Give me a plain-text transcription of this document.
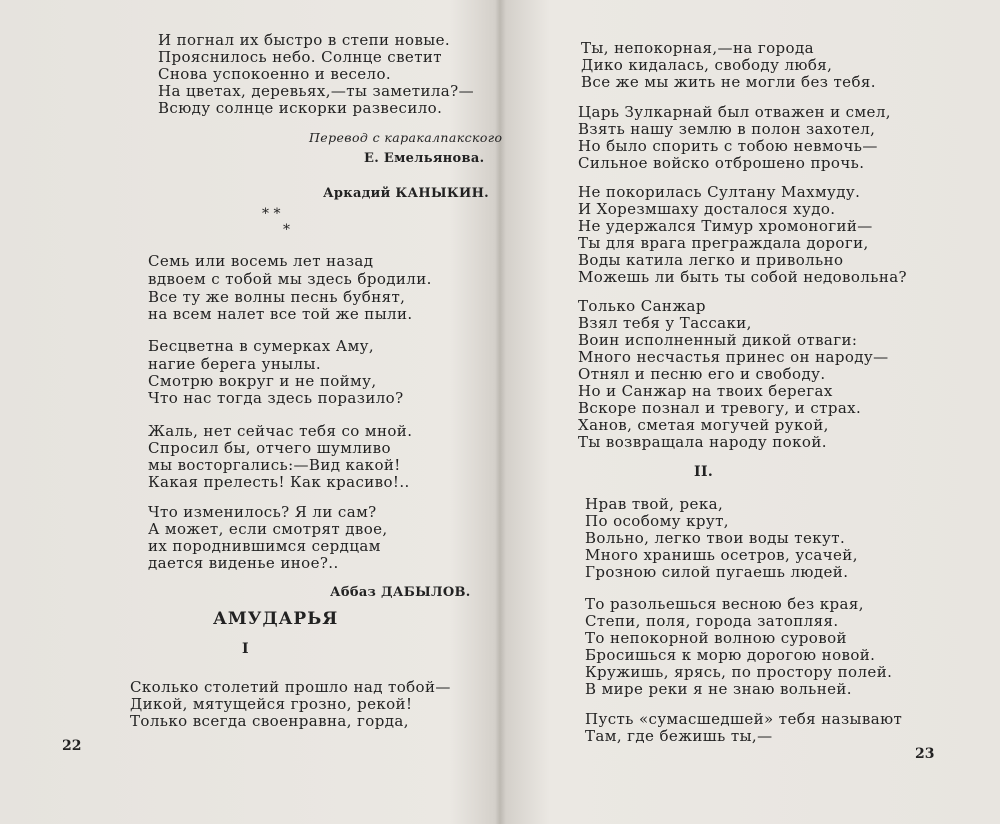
И погнал их быстро в степи новые.
Прояснилось небо. Солнце светит
Снова успокоенно и весело.
На цветах, деревьях,—ты заметила?—
Всюду солнце искорки развесило.
Перевод с каракалпакского
Е. Емельянова.
Аркадий КАНЫКИН.
* *
*
Семь или восемь лет назад
вдвоем с тобой мы здесь бродили.
Все ту же волны песнь бубнят,
на всем налет все той же пыли.
Бесцветна в сумерках Аму,
нагие берега унылы.
Смотрю вокруг и не пойму,
Что нас тогда здесь поразило?
Жаль, нет сейчас тебя со мной.
Спросил бы, отчего шумливо
мы восторгались:—Вид какой!
Какая прелесть! Как красиво!..
Что изменилось? Я ли сам?
А может, если смотрят двое,
их породнившимся сердцам
дается виденье иное?..
Аббаз ДАБЫЛОВ.
АМУДАРЬЯ
I
Сколько столетий прошло над тобой—
Дикой, мятущейся грозно, рекой!
Только всегда своенравна, горда,
22
Ты, непокорная,—на города
Дико кидалась, свободу любя,
Все же мы жить не могли без тебя.
Царь Зулкарнай был отважен и смел,
Взять нашу землю в полон захотел,
Но было спорить с тобою невмочь—
Сильное войско отброшено прочь.
Не покорилась Султану Махмуду.
И Хорезмшаху досталося худо.
Не удержался Тимур хромоногий—
Ты для врага преграждала дороги,
Воды катила легко и привольно
Можешь ли быть ты собой недовольна?
Только Санжар
Взял тебя у Тассаки,
Воин исполненный дикой отваги:
Много несчастья принес он народу—
Отнял и песню его и свободу.
Но и Санжар на твоих берегах
Вскоре познал и тревогу, и страх.
Ханов, сметая могучей рукой,
Ты возвращала народу покой.
II.
Нрав твой, река,
По особому крут,
Вольно, легко твои воды текут.
Много хранишь осетров, усачей,
Грозною силой пугаешь людей.
То разольешься весною без края,
Степи, поля, города затопляя.
То непокорной волною суровой
Бросишься к морю дорогою новой.
Кружишь, ярясь, по простору полей.
В мире реки я не знаю вольней.
Пусть «сумасшедшей» тебя называют
Там, где бежишь ты,—
23
